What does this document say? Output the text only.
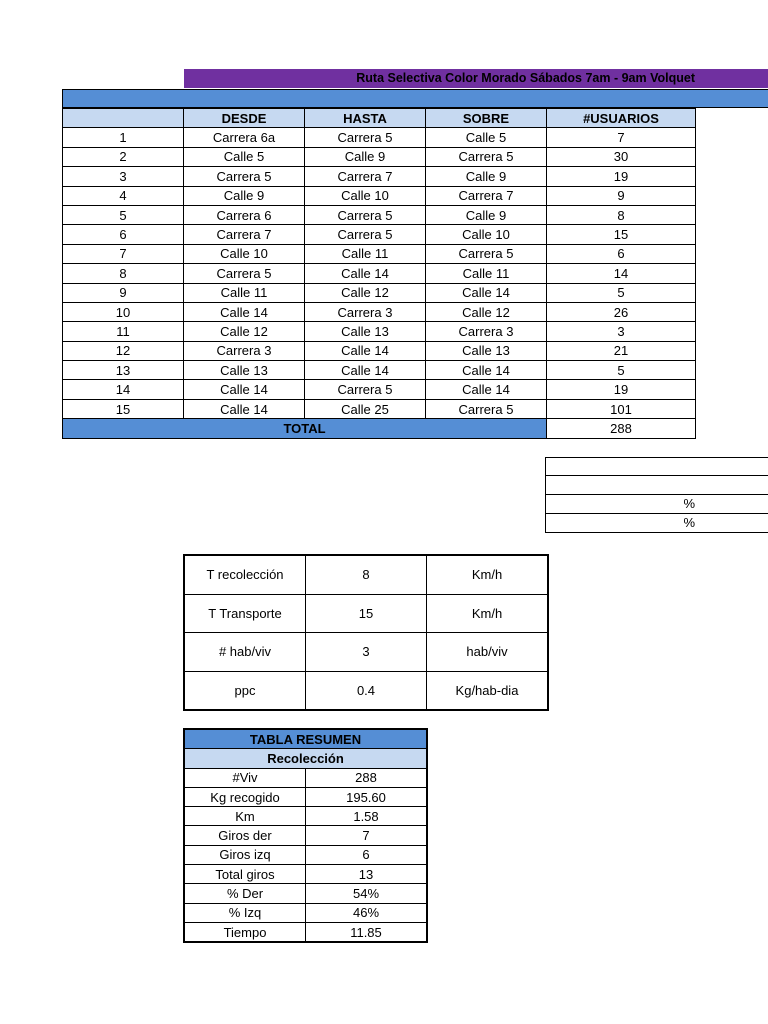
Ruta Selectiva Color Morado Sábados 7am - 9am Volquet
	DESDE	HASTA	SOBRE	#USUARIOS
1	Carrera 6a	Carrera 5	Calle 5	7
2	Calle 5	Calle 9	Carrera 5	30
3	Carrera 5	Carrera 7	Calle 9	19
4	Calle 9	Calle 10	Carrera 7	9
5	Carrera 6	Carrera 5	Calle 9	8
6	Carrera 7	Carrera 5	Calle 10	15
7	Calle 10	Calle 11	Carrera 5	6
8	Carrera 5	Calle 14	Calle 11	14
9	Calle 11	Calle 12	Calle 14	5
10	Calle 14	Carrera 3	Calle 12	26
11	Calle 12	Calle 13	Carrera 3	3
12	Carrera 3	Calle 14	Calle 13	21
13	Calle 13	Calle 14	Calle 14	5
14	Calle 14	Carrera 5	Calle 14	19
15	Calle 14	Calle 25	Carrera 5	101
TOTAL				288
%
%
T recolección	8	Km/h
T Transporte	15	Km/h
# hab/viv	3	hab/viv
ppc	0.4	Kg/hab-dia
TABLA RESUMEN	
Recolección	
#Viv	288
Kg recogido	195.60
Km	1.58
Giros der	7
Giros izq	6
Total giros	13
% Der	54%
% Izq	46%
Tiempo	11.85
